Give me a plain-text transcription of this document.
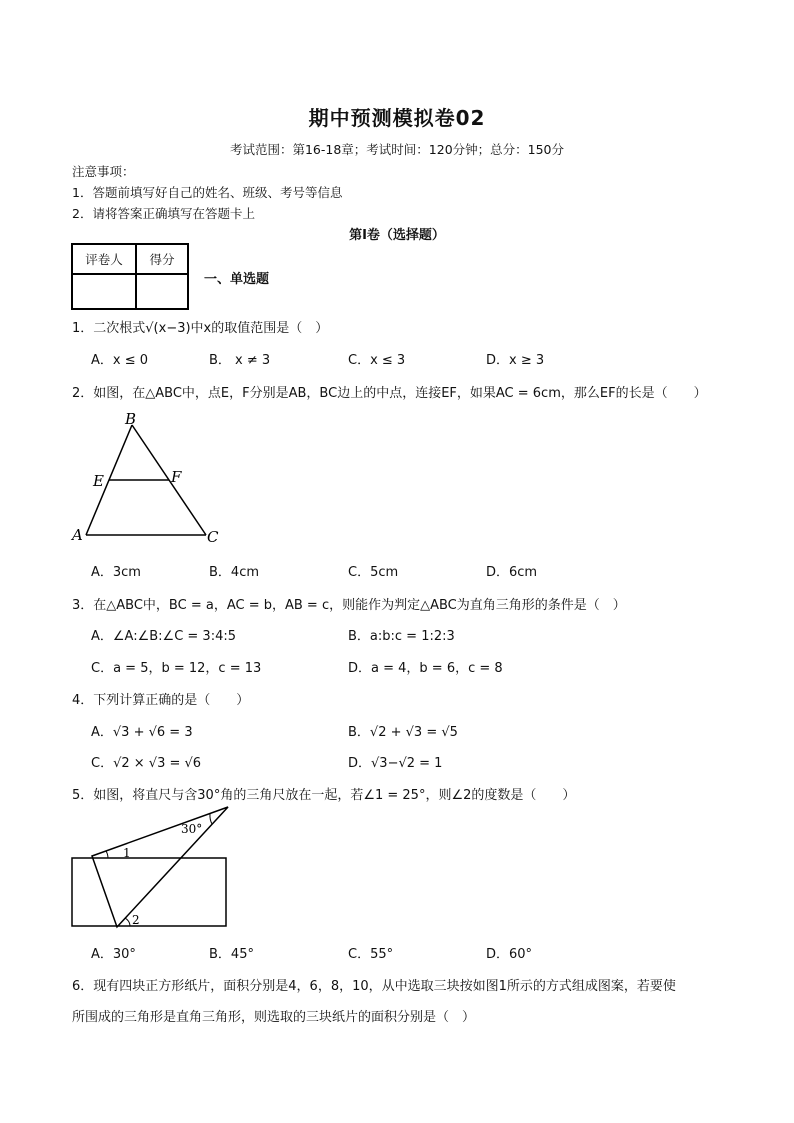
期中预测模拟卷02
考试范围：第16-18章；考试时间：120分钟；总分：150分
注意事项：
1．答题前填写好自己的姓名、班级、考号等信息
2．请将答案正确填写在答题卡上
第Ⅰ卷（选择题）
评卷人	得分

一、单选题
1．二次根式√(x−3)中x的取值范围是（　）
A．x ≤ 0	B． x ≠ 3	C．x ≤ 3	D．x ≥ 3
2．如图，在△ABC中，点E，F分别是AB，BC边上的中点，连接EF，如果AC = 6cm，那么EF的长是（　　）
B
E	F
A	C
A．3cm	B．4cm	C．5cm	D．6cm
3．在△ABC中，BC = a，AC = b，AB = c，则能作为判定△ABC为直角三角形的条件是（　）
A．∠A:∠B:∠C = 3:4:5	B．a:b:c = 1:2:3
C．a = 5，b = 12，c = 13	D．a = 4，b = 6，c = 8
4．下列计算正确的是（　　）
A．√3 + √6 = 3	B．√2 + √3 = √5
C．√2 × √3 = √6	D．√3−√2 = 1
5．如图，将直尺与含30°角的三角尺放在一起，若∠1 = 25°，则∠2的度数是（　　）
30°
1
2
A．30°	B．45°	C．55°	D．60°
6．现有四块正方形纸片，面积分别是4，6，8，10，从中选取三块按如图1所示的方式组成图案，若要使
所围成的三角形是直角三角形，则选取的三块纸片的面积分别是（　）
